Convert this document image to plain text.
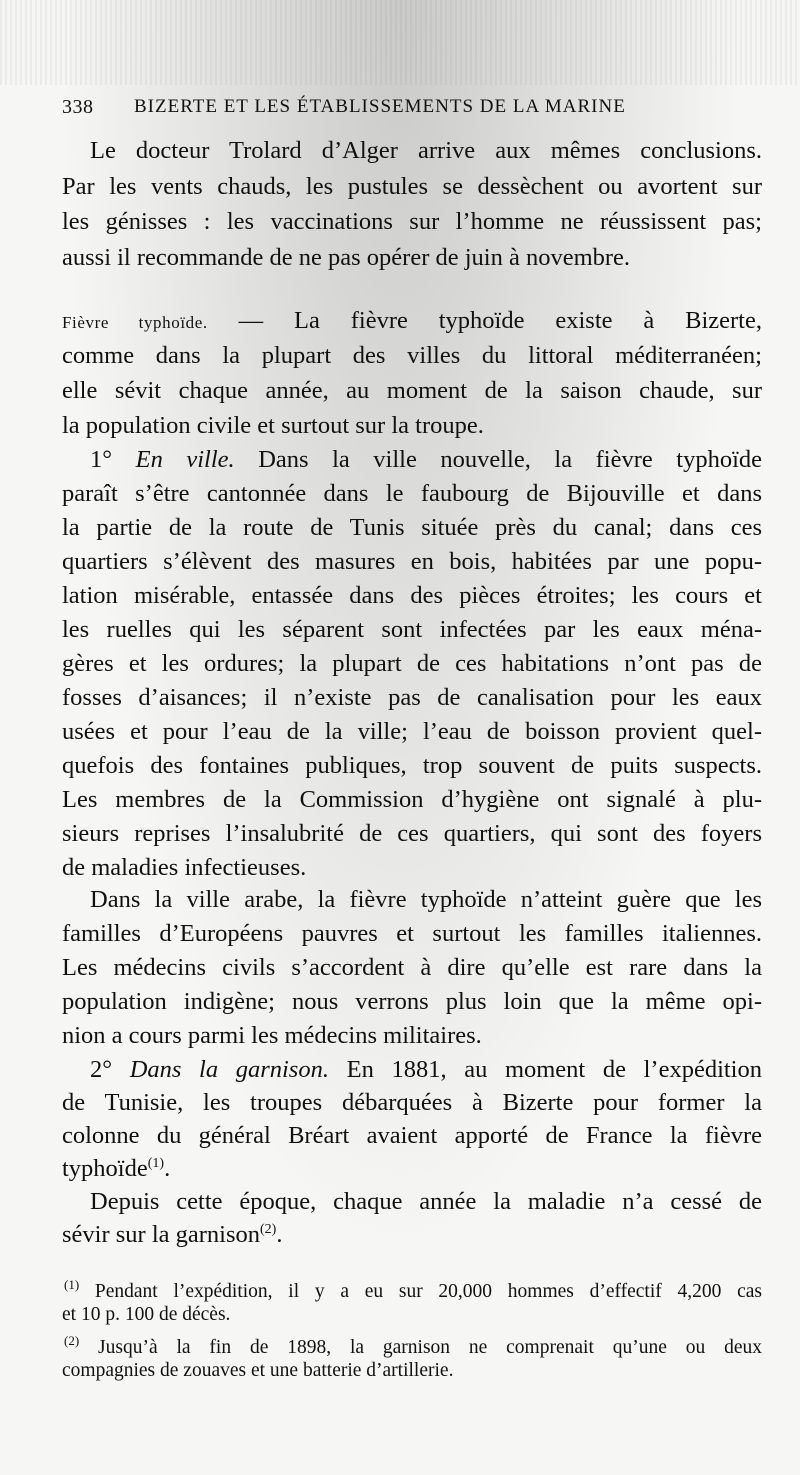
338 BIZERTE ET LES ÉTABLISSEMENTS DE LA MARINE
Le docteur Trolard d’Alger arrive aux mêmes conclusions.
Par les vents chauds, les pustules se dessèchent ou avortent sur
les génisses : les vaccinations sur l’homme ne réussissent pas;
aussi il recommande de ne pas opérer de juin à novembre.
Fièvre typhoïde. — La fièvre typhoïde existe à Bizerte,
comme dans la plupart des villes du littoral méditerranéen;
elle sévit chaque année, au moment de la saison chaude, sur
la population civile et surtout sur la troupe.
1° En ville. Dans la ville nouvelle, la fièvre typhoïde
paraît s’être cantonnée dans le faubourg de Bijouville et dans
la partie de la route de Tunis située près du canal; dans ces
quartiers s’élèvent des masures en bois, habitées par une popu-
lation misérable, entassée dans des pièces étroites; les cours et
les ruelles qui les séparent sont infectées par les eaux ména-
gères et les ordures; la plupart de ces habitations n’ont pas de
fosses d’aisances; il n’existe pas de canalisation pour les eaux
usées et pour l’eau de la ville; l’eau de boisson provient quel-
quefois des fontaines publiques, trop souvent de puits suspects.
Les membres de la Commission d’hygiène ont signalé à plu-
sieurs reprises l’insalubrité de ces quartiers, qui sont des foyers
de maladies infectieuses.
Dans la ville arabe, la fièvre typhoïde n’atteint guère que les
familles d’Européens pauvres et surtout les familles italiennes.
Les médecins civils s’accordent à dire qu’elle est rare dans la
population indigène; nous verrons plus loin que la même opi-
nion a cours parmi les médecins militaires.
2° Dans la garnison. En 1881, au moment de l’expédition
de Tunisie, les troupes débarquées à Bizerte pour former la
colonne du général Bréart avaient apporté de France la fièvre
typhoïde$^{(1)}$.
Depuis cette époque, chaque année la maladie n’a cessé de
sévir sur la garnison$^{(2)}$.
$^{(1)}$ Pendant l’expédition, il y a eu sur 20,000 hommes d’effectif 4,200 cas
et 10 p. 100 de décès.
$^{(2)}$ Jusqu’à la fin de 1898, la garnison ne comprenait qu’une ou deux
compagnies de zouaves et une batterie d’artillerie.
